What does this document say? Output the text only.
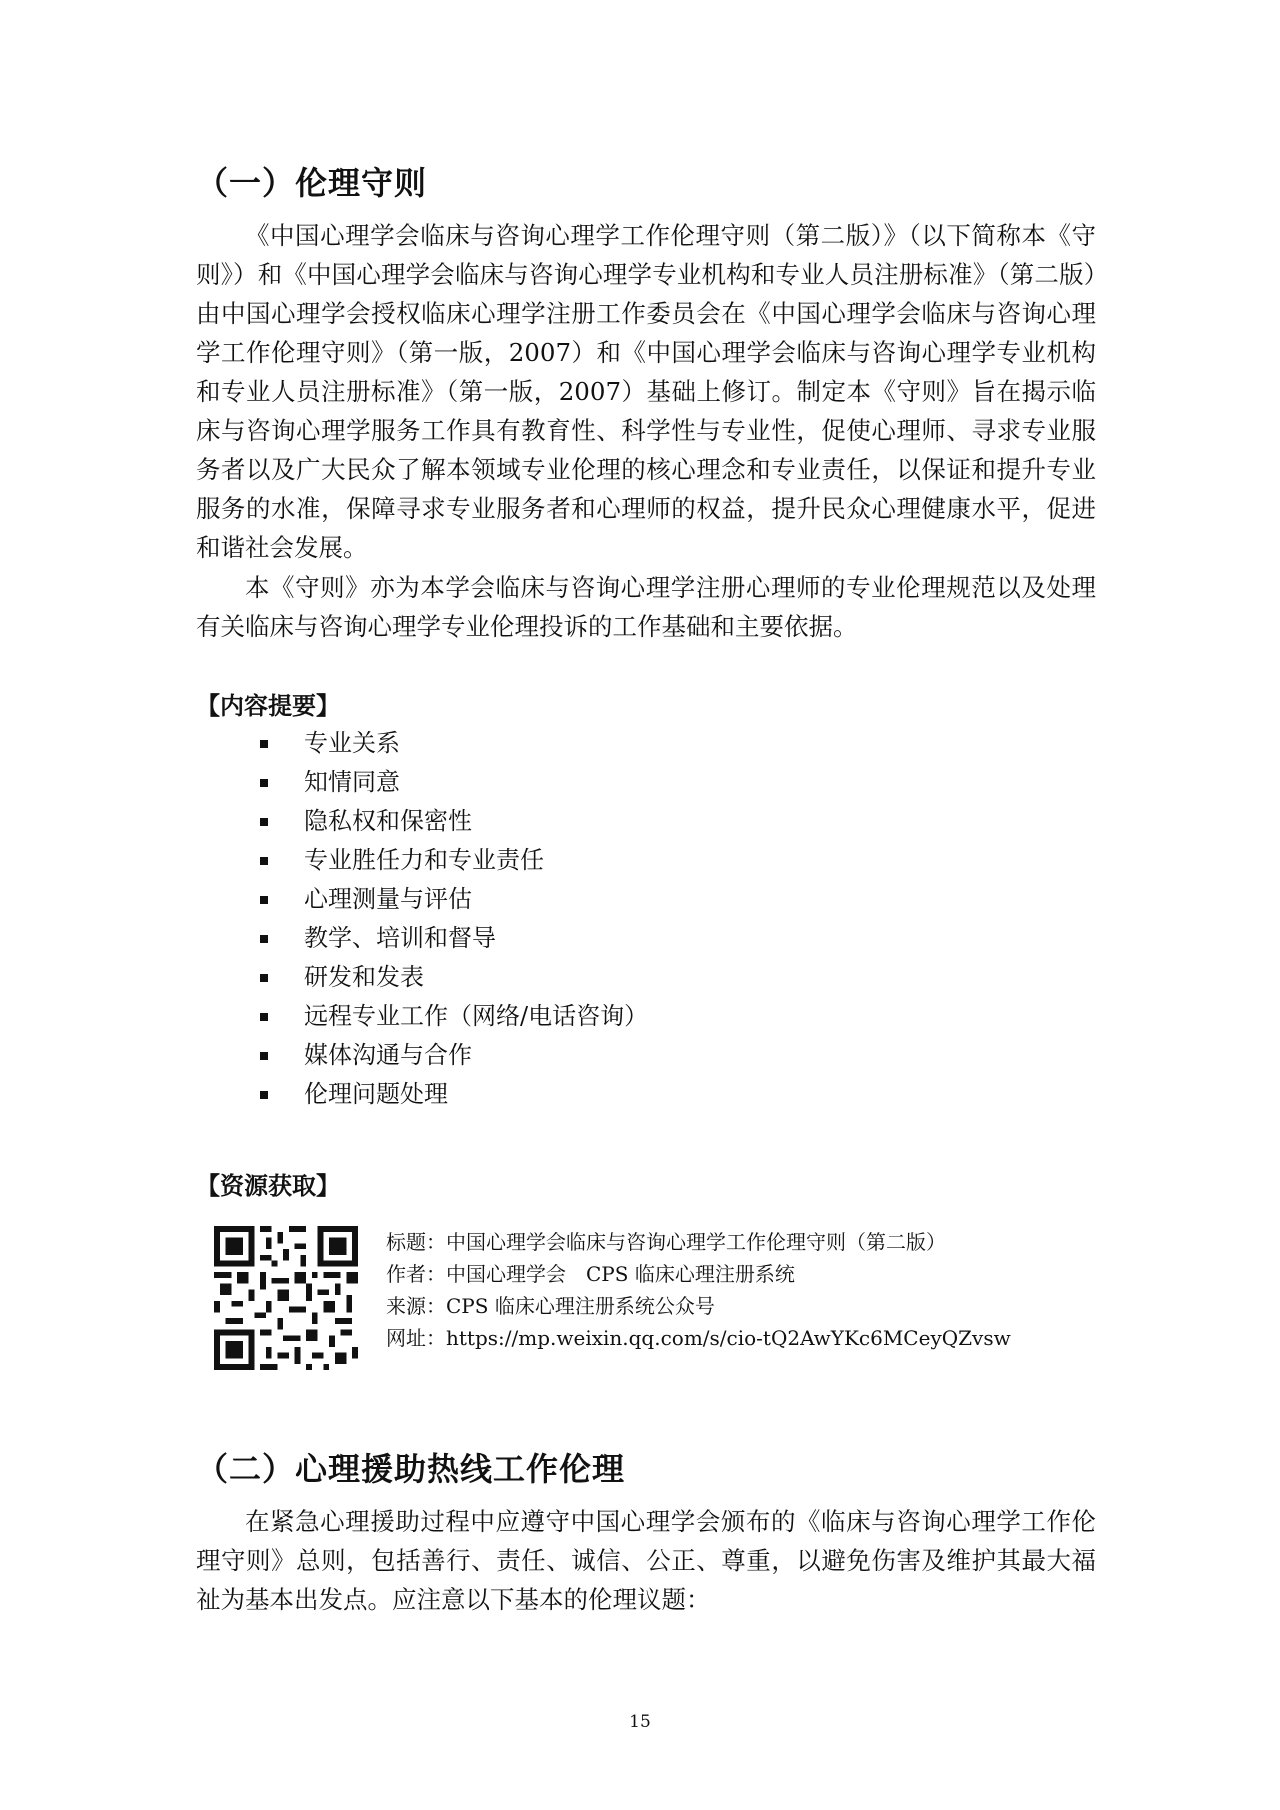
（一）伦理守则

《中国心理学会临床与咨询心理学工作伦理守则（第二版）》（以下简称本《守则》）和《中国心理学会临床与咨询心理学专业机构和专业人员注册标准》（第二版）由中国心理学会授权临床心理学注册工作委员会在《中国心理学会临床与咨询心理学工作伦理守则》（第一版，2007）和《中国心理学会临床与咨询心理学专业机构和专业人员注册标准》（第一版，2007）基础上修订。制定本《守则》旨在揭示临床与咨询心理学服务工作具有教育性、科学性与专业性，促使心理师、寻求专业服务者以及广大民众了解本领域专业伦理的核心理念和专业责任，以保证和提升专业服务的水准，保障寻求专业服务者和心理师的权益，提升民众心理健康水平，促进和谐社会发展。

本《守则》亦为本学会临床与咨询心理学注册心理师的专业伦理规范以及处理有关临床与咨询心理学专业伦理投诉的工作基础和主要依据。

【内容提要】
专业关系
知情同意
隐私权和保密性
专业胜任力和专业责任
心理测量与评估
教学、培训和督导
研发和发表
远程专业工作（网络/电话咨询）
媒体沟通与合作
伦理问题处理
【资源获取】
标题：中国心理学会临床与咨询心理学工作伦理守则（第二版）
作者：中国心理学会　CPS 临床心理注册系统
来源：CPS 临床心理注册系统公众号
网址：https://mp.weixin.qq.com/s/cio-tQ2AwYKc6MCeyQZvsw
（二）心理援助热线工作伦理

在紧急心理援助过程中应遵守中国心理学会颁布的《临床与咨询心理学工作伦理守则》总则，包括善行、责任、诚信、公正、尊重，以避免伤害及维护其最大福祉为基本出发点。应注意以下基本的伦理议题：

15
